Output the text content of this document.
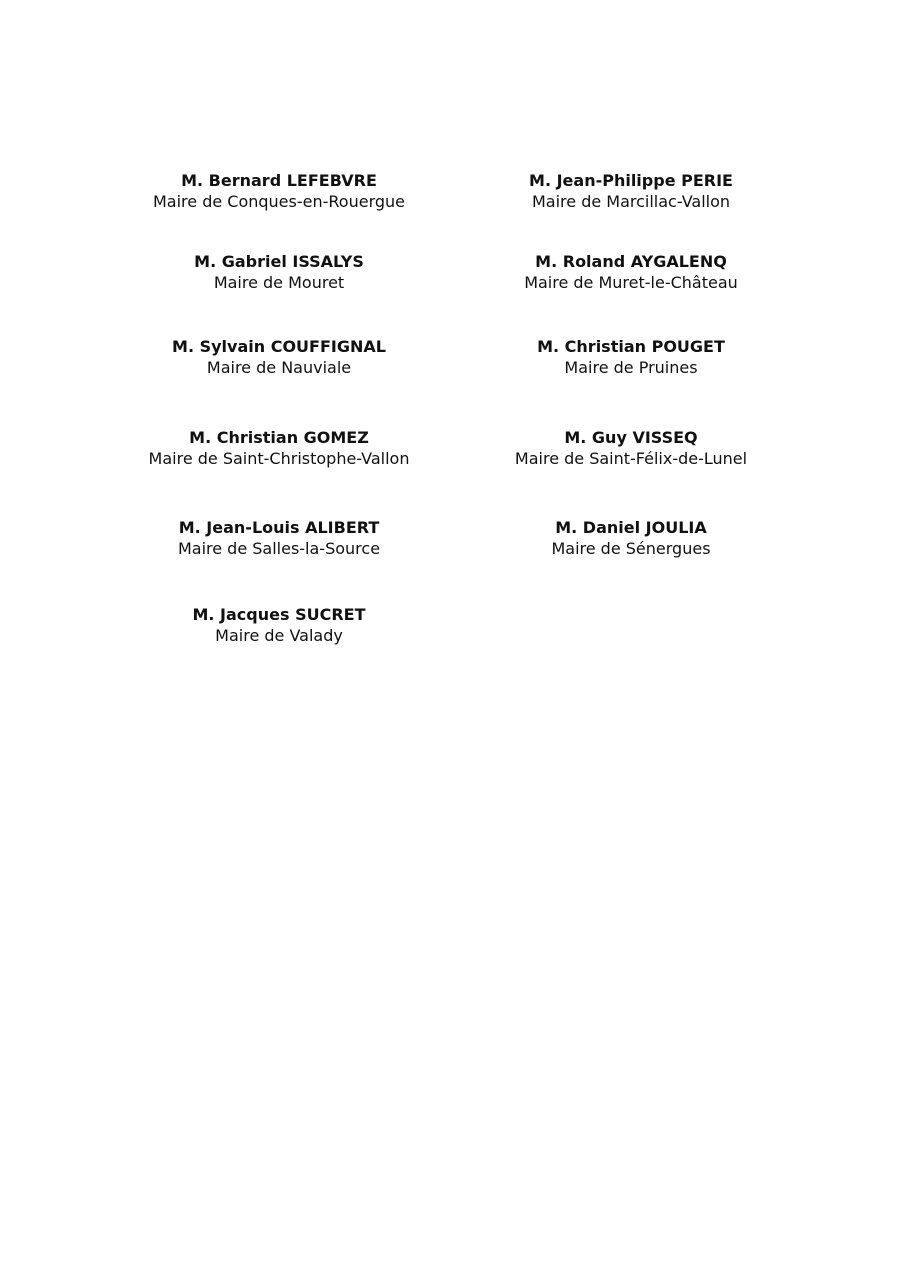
M. Bernard LEFEBVRE
Maire de Conques-en-Rouergue
M. Jean-Philippe PERIE
Maire de Marcillac-Vallon
M. Gabriel ISSALYS
Maire de Mouret
M. Roland AYGALENQ
Maire de Muret-le-Château
M. Sylvain COUFFIGNAL
Maire de Nauviale
M. Christian POUGET
Maire de Pruines
M. Christian GOMEZ
Maire de Saint-Christophe-Vallon
M. Guy VISSEQ
Maire de Saint-Félix-de-Lunel
M. Jean-Louis ALIBERT
Maire de Salles-la-Source
M. Daniel JOULIA
Maire de Sénergues
M. Jacques SUCRET
Maire de Valady
